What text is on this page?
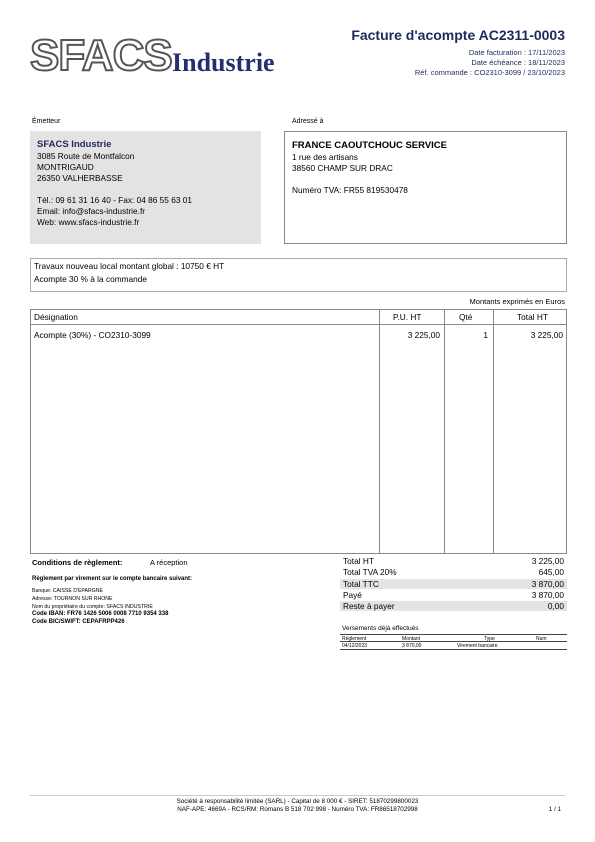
SFACS Industrie
Facture d'acompte AC2311-0003
Date facturation : 17/11/2023
Date échéance : 18/11/2023
Réf. commande : CO2310-3099 / 23/10/2023
Émetteur	Adressé à
SFACS Industrie
3085 Route de Montfalcon
MONTRIGAUD
26350 VALHERBASSE
Tél.: 09 61 31 16 40 - Fax: 04 86 55 63 01
Email: info@sfacs-industrie.fr
Web: www.sfacs-industrie.fr
FRANCE CAOUTCHOUC SERVICE
1 rue des artisans
38560 CHAMP SUR DRAC
Numéro TVA: FR55 819530478
Travaux nouveau local montant global : 10750 € HT
Acompte 30 % à la commande
Montants exprimés en Euros
Désignation	P.U. HT	Qté	Total HT
Acompte (30%) - CO2310-3099	3 225,00	1	3 225,00
Conditions de règlement:	A réception
Règlement par virement sur le compte bancaire suivant:
Banque: CAISSE D'EPARGNE
Adresse: TOURNON SUR RHONE
Nom du propriétaire du compte: SFACS INDUSTRIE
Code IBAN: FR76 1426 5006 0008 7710 9354 338
Code BIC/SWIFT: CEPAFRPP426
Total HT	3 225,00
Total TVA 20%	645,00
Total TTC	3 870,00
Payé	3 870,00
Reste à payer	0,00
Versements déjà effectués
Règlement	Montant	Type	Num
04/12/2023	3 870,00	Virement bancaire
Société à responsabilité limitée (SARL) - Capital de 8 000 € - SIRET: 51870299800023
NAF-APE: 4669A - RCS/RM: Romans B 518 702 998 - Numéro TVA: FR86518702998	1 / 1
